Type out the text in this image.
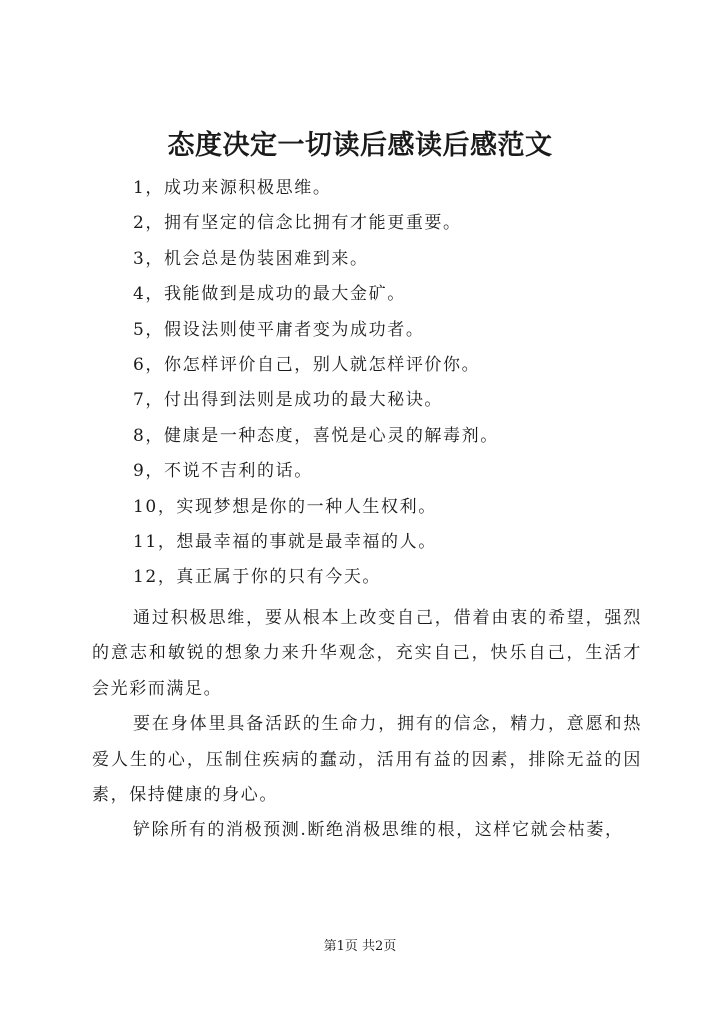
态度决定一切读后感读后感范文
1，成功来源积极思维。
2，拥有坚定的信念比拥有才能更重要。
3，机会总是伪装困难到来。
4，我能做到是成功的最大金矿。
5，假设法则使平庸者变为成功者。
6，你怎样评价自己，别人就怎样评价你。
7，付出得到法则是成功的最大秘诀。
8，健康是一种态度，喜悦是心灵的解毒剂。
9，不说不吉利的话。
10，实现梦想是你的一种人生权利。
11，想最幸福的事就是最幸福的人。
12，真正属于你的只有今天。

通过积极思维，要从根本上改变自己，借着由衷的希望，强烈的意志和敏锐的想象力来升华观念，充实自己，快乐自己，生活才会光彩而满足。

要在身体里具备活跃的生命力，拥有的信念，精力，意愿和热爱人生的心，压制住疾病的蠢动，活用有益的因素，排除无益的因素，保持健康的身心。

铲除所有的消极预测.断绝消极思维的根，这样它就会枯萎，

第1页 共2页
